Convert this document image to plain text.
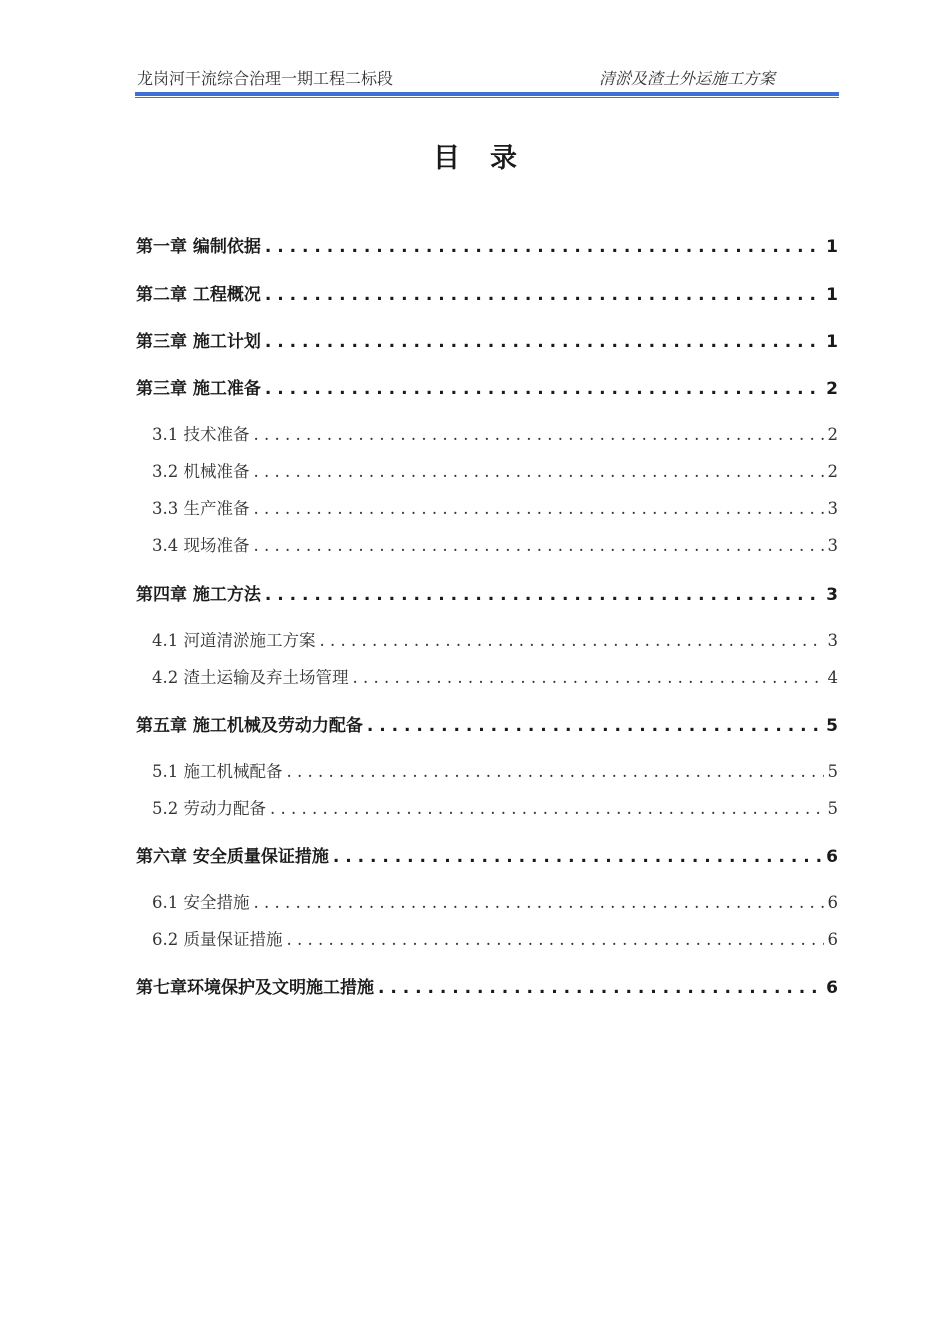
龙岗河干流综合治理一期工程二标段	清淤及渣土外运施工方案
目录
第一章 编制依据 . . .	1
第二章 工程概况 . . .	1
第三章 施工计划 . . .	1
第三章 施工准备 . . .	2
3.1 技术准备 . . .	2
3.2 机械准备 . . .	2
3.3 生产准备 . . .	3
3.4 现场准备 . . .	3
第四章 施工方法 . . .	3
4.1 河道清淤施工方案 . . .	3
4.2 渣土运输及弃土场管理 . . .	4
第五章 施工机械及劳动力配备 . . .	5
5.1 施工机械配备 . . .	5
5.2 劳动力配备 . . .	5
第六章 安全质量保证措施 . . .	6
6.1 安全措施 . . .	6
6.2 质量保证措施 . . .	6
第七章环境保护及文明施工措施 . . .	6
